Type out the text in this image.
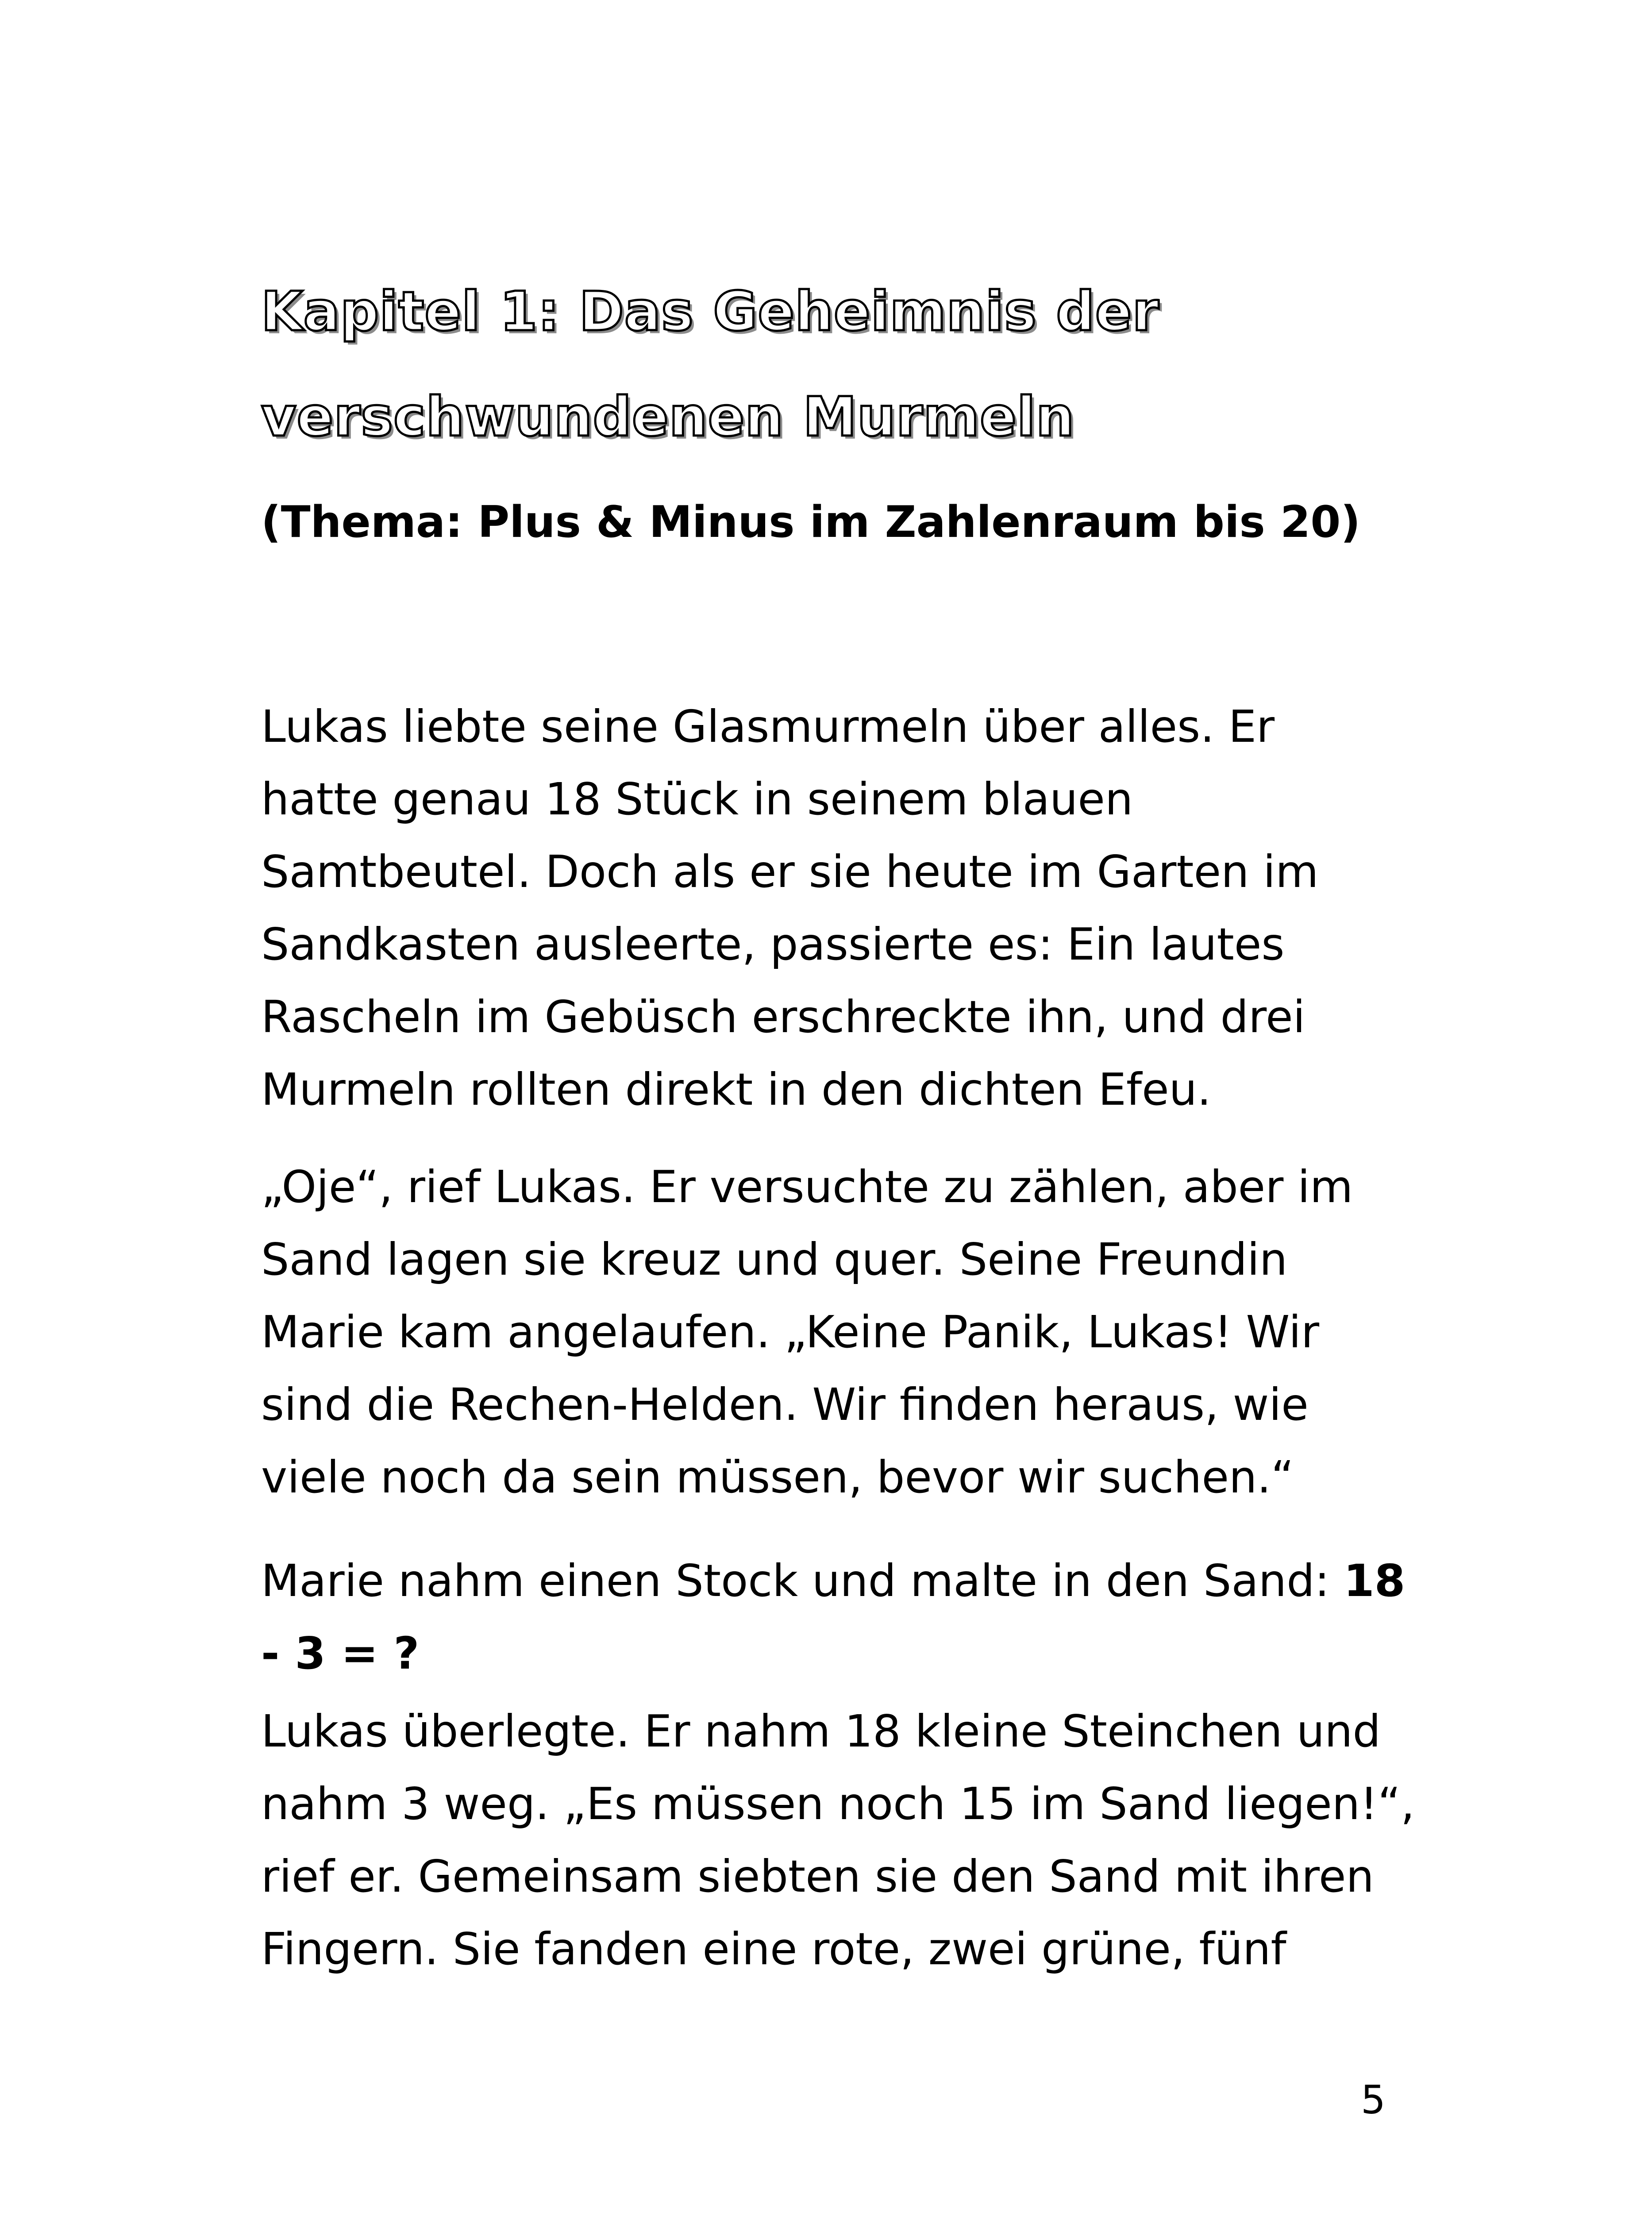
Kapitel 1: Das Geheimnis der
verschwundenen Murmeln
(Thema: Plus & Minus im Zahlenraum bis 20)
Lukas liebte seine Glasmurmeln über alles. Er
hatte genau 18 Stück in seinem blauen
Samtbeutel. Doch als er sie heute im Garten im
Sandkasten ausleerte, passierte es: Ein lautes
Rascheln im Gebüsch erschreckte ihn, und drei
Murmeln rollten direkt in den dichten Efeu.
„Oje“, rief Lukas. Er versuchte zu zählen, aber im
Sand lagen sie kreuz und quer. Seine Freundin
Marie kam angelaufen. „Keine Panik, Lukas! Wir
sind die Rechen-Helden. Wir finden heraus, wie
viele noch da sein müssen, bevor wir suchen.“
Marie nahm einen Stock und malte in den Sand: 18
- 3 = ?
Lukas überlegte. Er nahm 18 kleine Steinchen und
nahm 3 weg. „Es müssen noch 15 im Sand liegen!“,
rief er. Gemeinsam siebten sie den Sand mit ihren
Fingern. Sie fanden eine rote, zwei grüne, fünf
5
